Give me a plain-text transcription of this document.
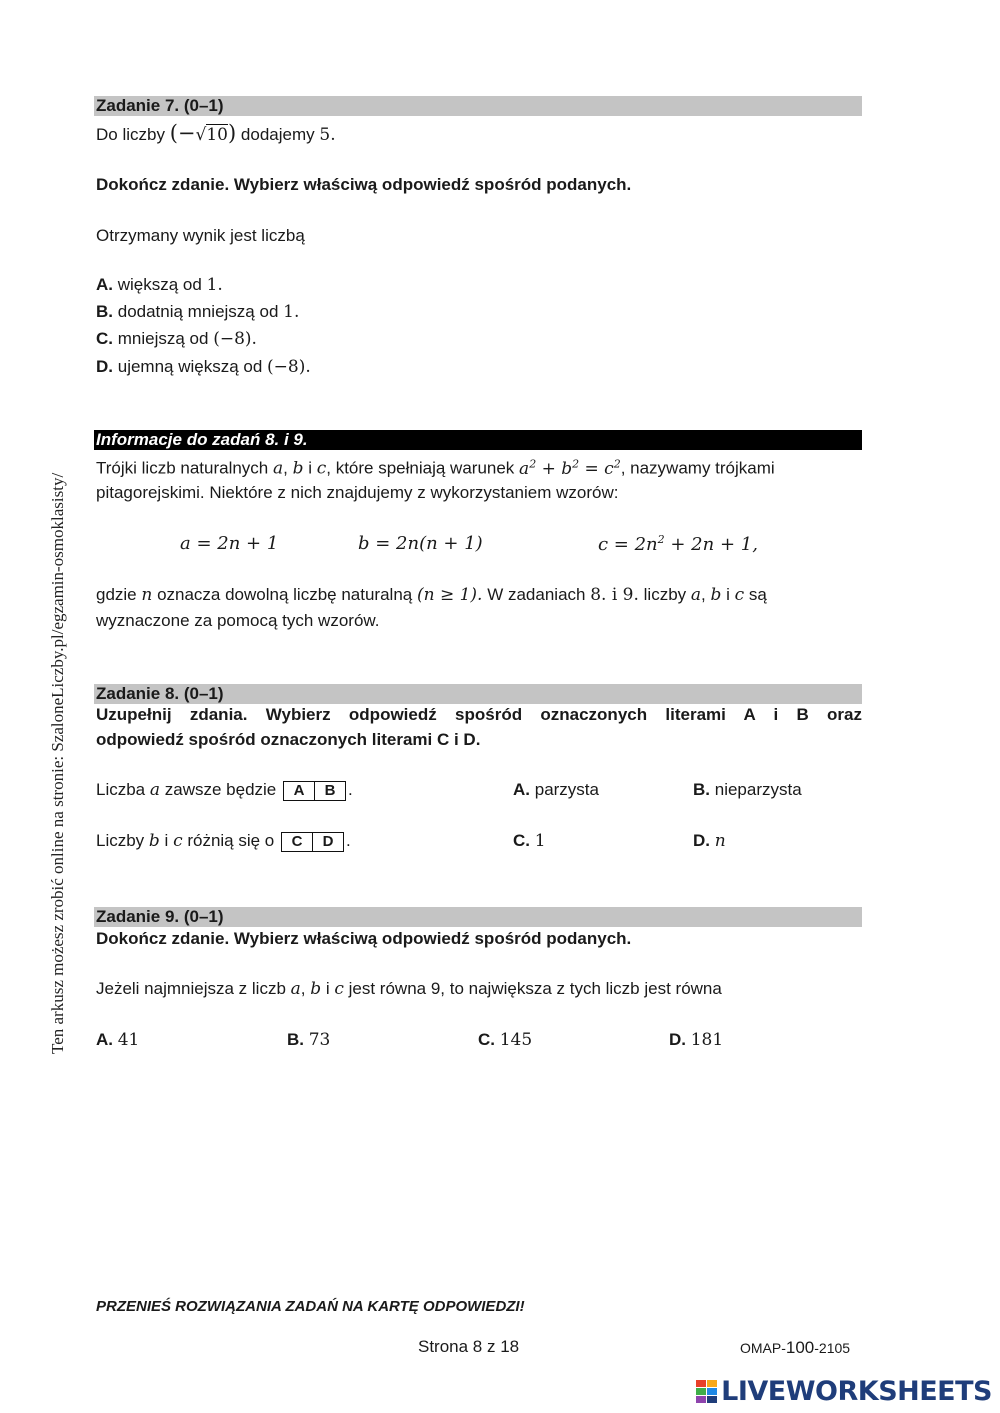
Ten arkusz możesz zrobić online na stronie: SzaloneLiczby.pl/egzamin-osmoklasisty/
Zadanie 7. (0–1)
Do liczby (−√10) dodajemy 5.
Dokończ zdanie. Wybierz właściwą odpowiedź spośród podanych.
Otrzymany wynik jest liczbą
A. większą od 1.
B. dodatnią mniejszą od 1.
C. mniejszą od (−8).
D. ujemną większą od (−8).
Informacje do zadań 8. i 9.
Trójki liczb naturalnych a, b i c, które spełniają warunek $a^2 + b^2 = c^2$, nazywamy trójkami
pitagorejskimi. Niektóre z nich znajdujemy z wykorzystaniem wzorów:
a = 2n + 1	b = 2n(n + 1)	$c = 2n^2 + 2n + 1$,
gdzie n oznacza dowolną liczbę naturalną (n ≥ 1). W zadaniach 8. i 9. liczby a, b i c są
wyznaczone za pomocą tych wzorów.
Zadanie 8. (0–1)
Uzupełnij zdania. Wybierz odpowiedź spośród oznaczonych literami A i B oraz
odpowiedź spośród oznaczonych literami C i D.
Liczba a zawsze będzie A B .	A. parzysta	B. nieparzysta
Liczby b i c różnią się o C D .	C. 1	D. n
Zadanie 9. (0–1)
Dokończ zdanie. Wybierz właściwą odpowiedź spośród podanych.
Jeżeli najmniejsza z liczb a, b i c jest równa 9, to największa z tych liczb jest równa
A. 41	B. 73	C. 145	D. 181
PRZENIEŚ ROZWIĄZANIA ZADAŃ NA KARTĘ ODPOWIEDZI!
Strona 8 z 18	OMAP-100-2105
LIVEWORKSHEETS
